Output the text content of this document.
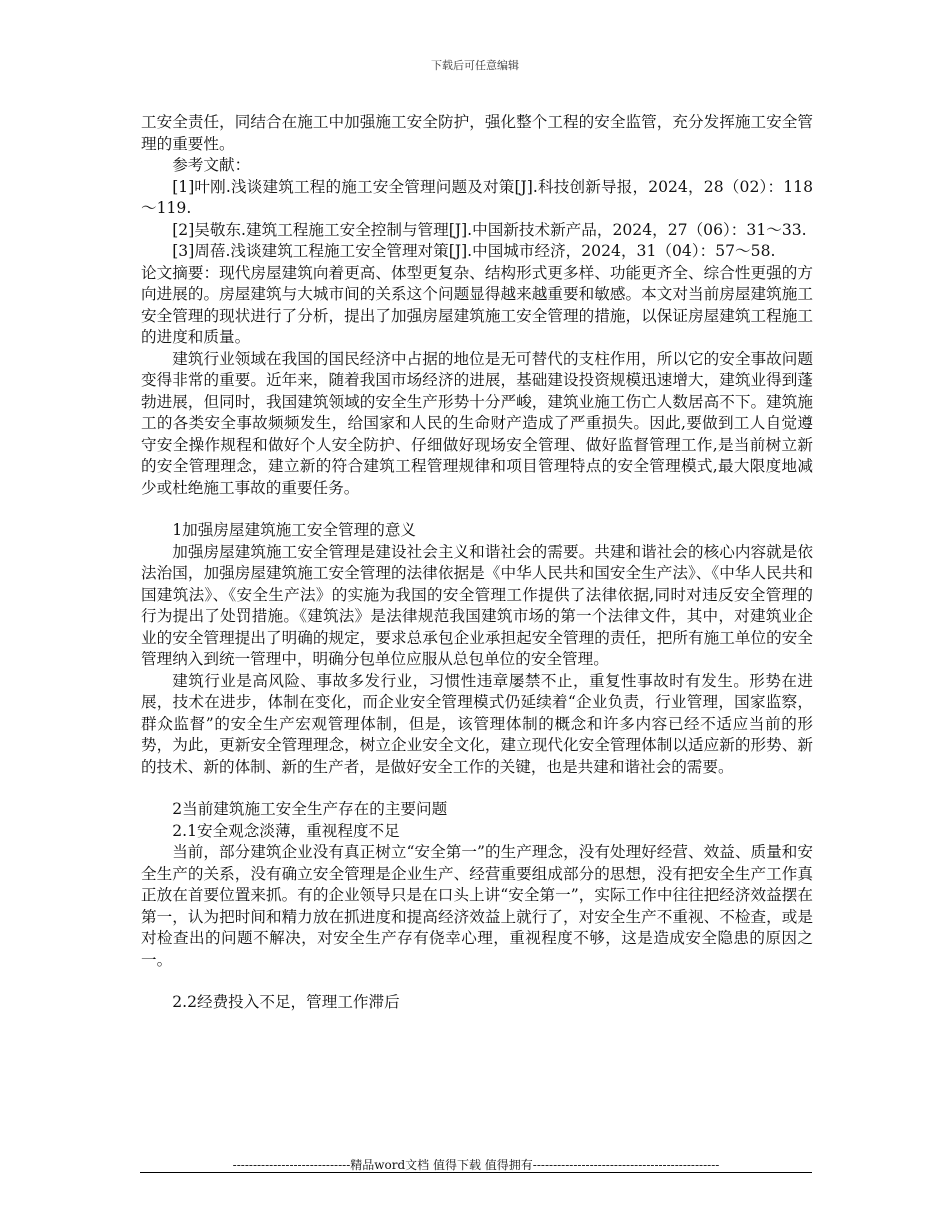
下载后可任意编辑

工安全责任，同结合在施工中加强施工安全防护，强化整个工程的安全监管，充分发挥施工安全管理的重要性。

参考文献：

[1]叶刚.浅谈建筑工程的施工安全管理问题及对策[J].科技创新导报，2024，28（02）：118～119.

[2]吴敬东.建筑工程施工安全控制与管理[J].中国新技术新产品，2024，27（06）：31～33.

[3]周蓓.浅谈建筑工程施工安全管理对策[J].中国城市经济，2024，31（04）：57～58.

论文摘要：现代房屋建筑向着更高、体型更复杂、结构形式更多样、功能更齐全、综合性更强的方向进展的。房屋建筑与大城市间的关系这个问题显得越来越重要和敏感。本文对当前房屋建筑施工安全管理的现状进行了分析，提出了加强房屋建筑施工安全管理的措施，以保证房屋建筑工程施工的进度和质量。

建筑行业领域在我国的国民经济中占据的地位是无可替代的支柱作用，所以它的安全事故问题变得非常的重要。近年来，随着我国市场经济的进展，基础建设投资规模迅速增大，建筑业得到蓬勃进展，但同时，我国建筑领域的安全生产形势十分严峻，建筑业施工伤亡人数居高不下。建筑施工的各类安全事故频频发生，给国家和人民的生命财产造成了严重损失。因此,要做到工人自觉遵守安全操作规程和做好个人安全防护、仔细做好现场安全管理、做好监督管理工作,是当前树立新的安全管理理念，建立新的符合建筑工程管理规律和项目管理特点的安全管理模式,最大限度地减少或杜绝施工事故的重要任务。

1加强房屋建筑施工安全管理的意义

加强房屋建筑施工安全管理是建设社会主义和谐社会的需要。共建和谐社会的核心内容就是依法治国，加强房屋建筑施工安全管理的法律依据是《中华人民共和国安全生产法》、《中华人民共和国建筑法》、《安全生产法》的实施为我国的安全管理工作提供了法律依据,同时对违反安全管理的行为提出了处罚措施。《建筑法》是法律规范我国建筑市场的第一个法律文件，其中，对建筑业企业的安全管理提出了明确的规定，要求总承包企业承担起安全管理的责任，把所有施工单位的安全管理纳入到统一管理中，明确分包单位应服从总包单位的安全管理。

建筑行业是高风险、事故多发行业，习惯性违章屡禁不止，重复性事故时有发生。形势在进展，技术在进步，体制在变化，而企业安全管理模式仍延续着“企业负责，行业管理，国家监察，群众监督”的安全生产宏观管理体制，但是，该管理体制的概念和许多内容已经不适应当前的形势，为此，更新安全管理理念，树立企业安全文化，建立现代化安全管理体制以适应新的形势、新的技术、新的体制、新的生产者，是做好安全工作的关键，也是共建和谐社会的需要。

2当前建筑施工安全生产存在的主要问题

2.1安全观念淡薄，重视程度不足

当前，部分建筑企业没有真正树立“安全第一”的生产理念，没有处理好经营、效益、质量和安全生产的关系，没有确立安全管理是企业生产、经营重要组成部分的思想，没有把安全生产工作真正放在首要位置来抓。有的企业领导只是在口头上讲“安全第一”，实际工作中往往把经济效益摆在第一，认为把时间和精力放在抓进度和提高经济效益上就行了，对安全生产不重视、不检查，或是对检查出的问题不解决，对安全生产存有侥幸心理，重视程度不够，这是造成安全隐患的原因之一。

2.2经费投入不足，管理工作滞后

-----------------------------精品word文档 值得下载 值得拥有----------------------------------------------
